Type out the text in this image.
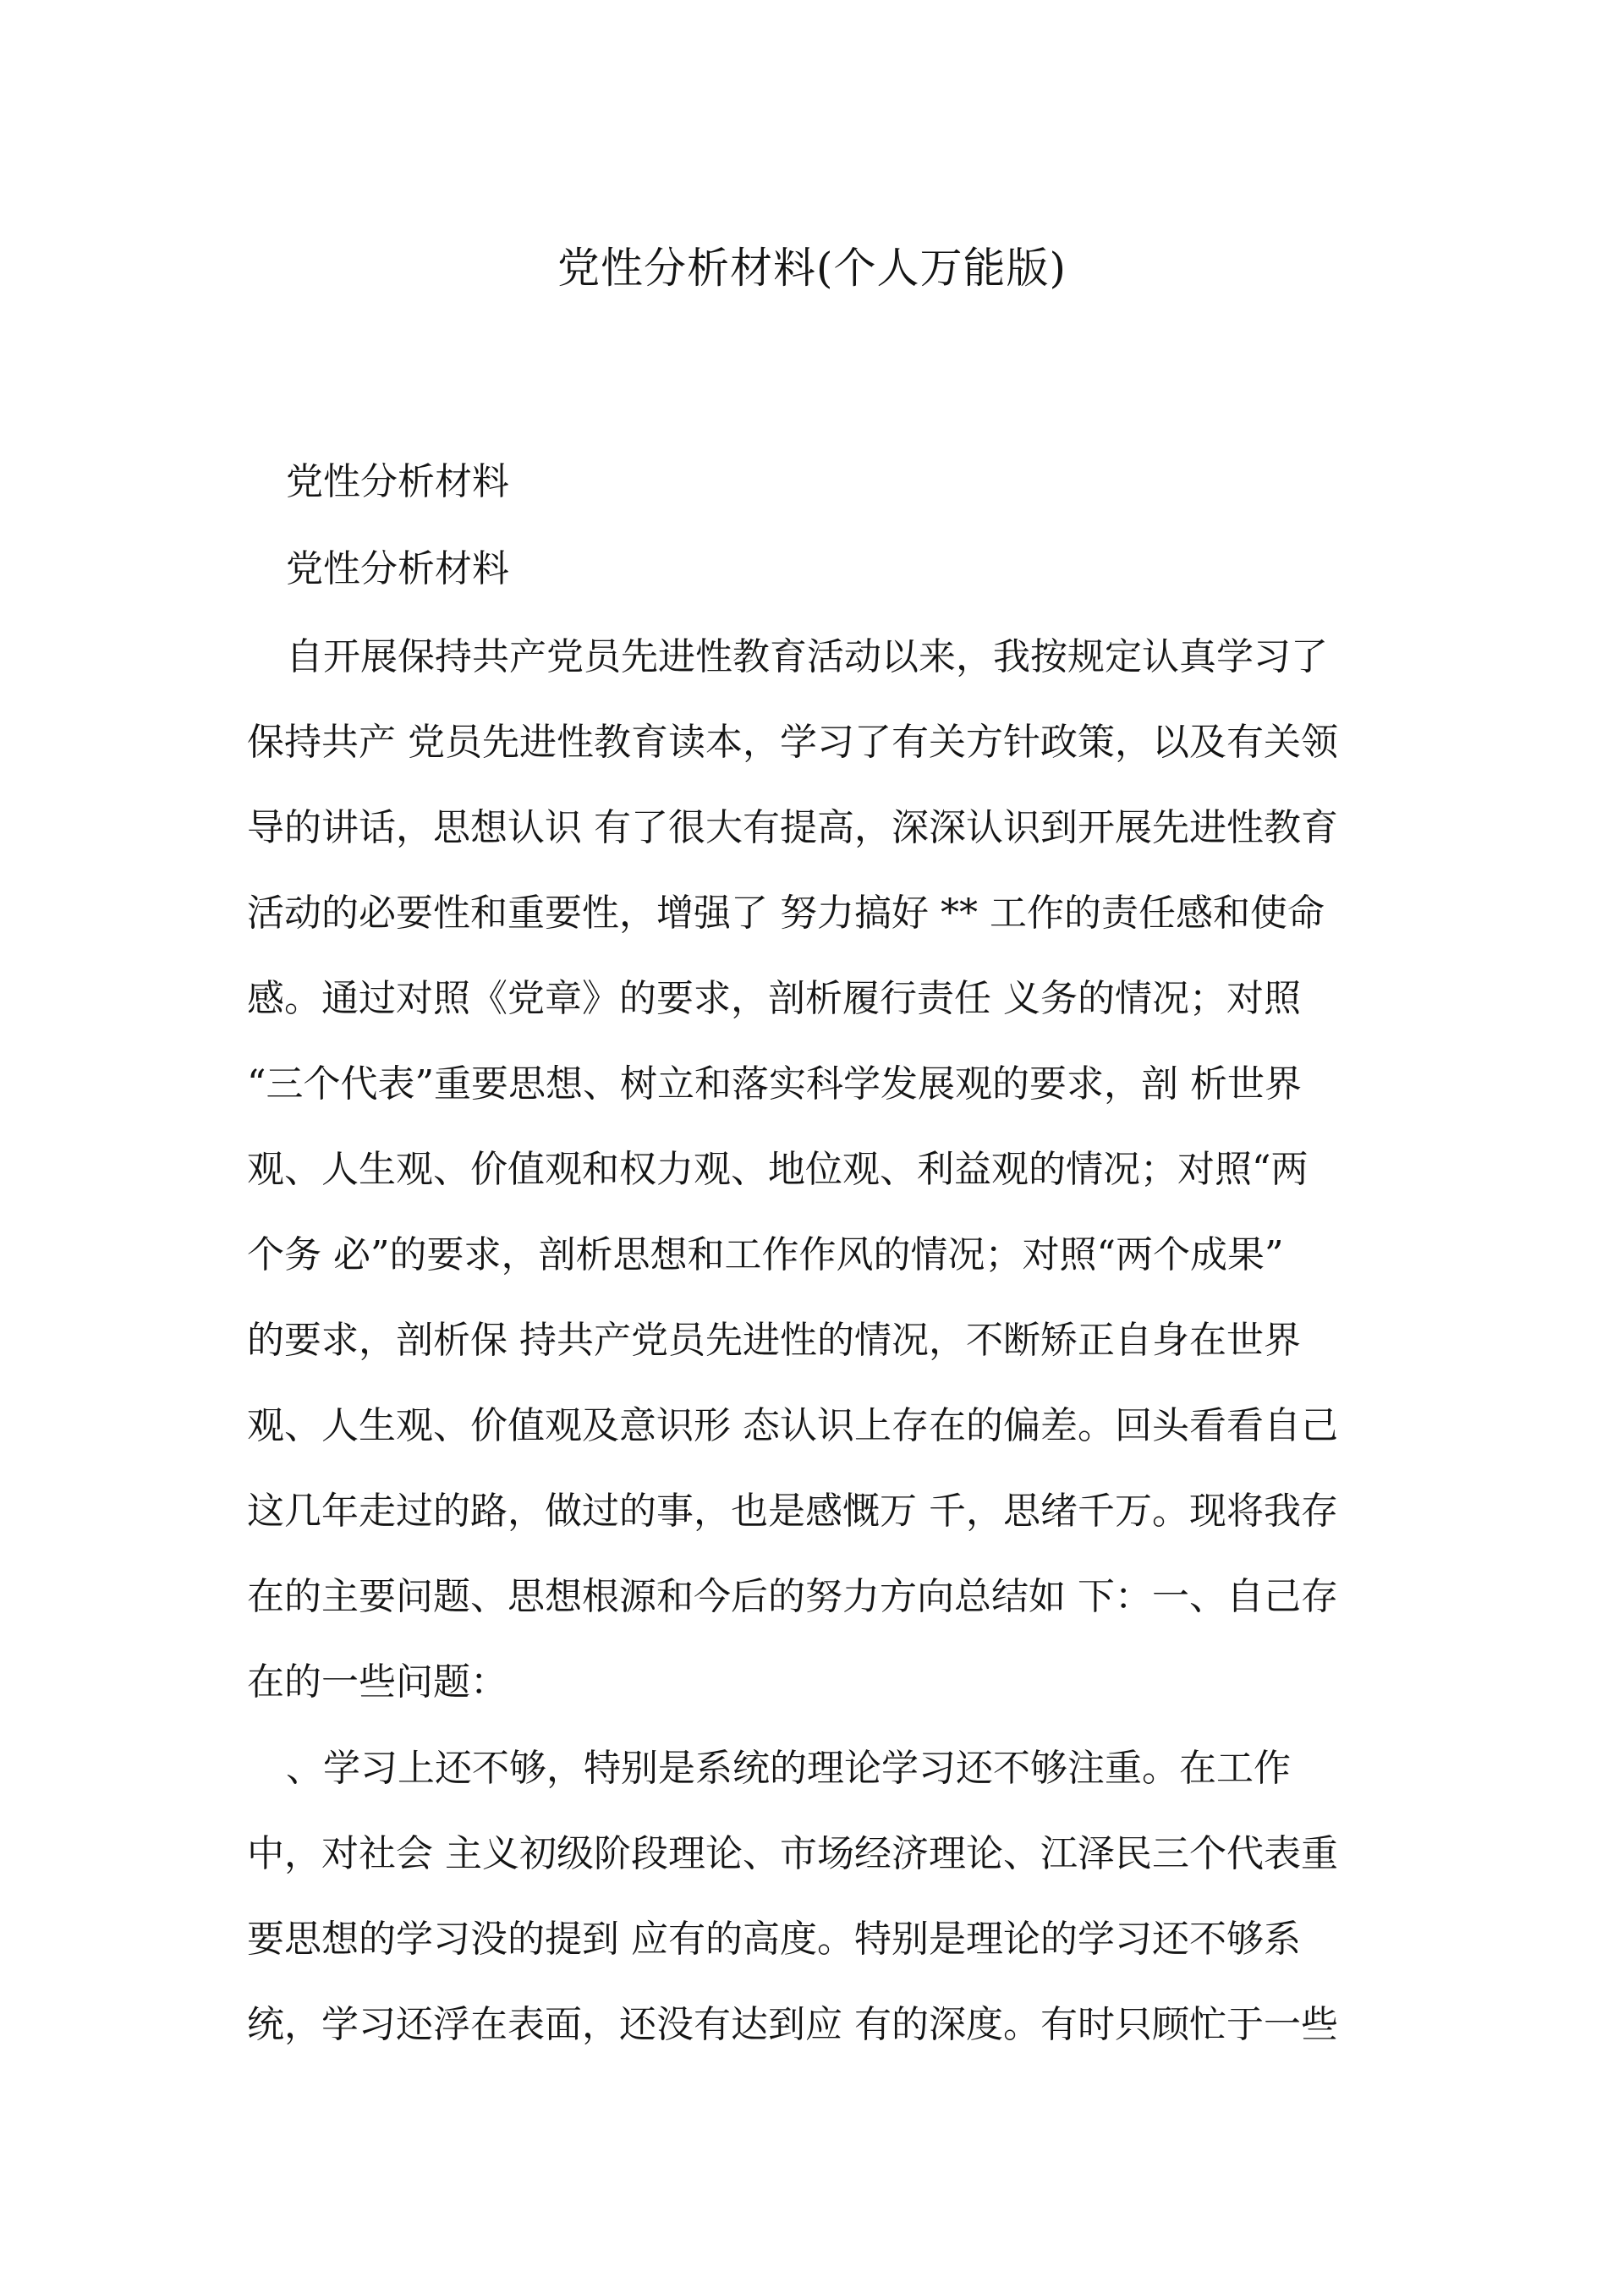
党性分析材料(个人万能版)
党性分析材料
党性分析材料
自开展保持共产党员先进性教育活动以来，我按规定认真学习了
保持共产 党员先进性教育读本，学习了有关方针政策，以及有关领
导的讲话，思想认识 有了很大有提高，深深认识到开展先进性教育
活动的必要性和重要性，增强了 努力搞好 ** 工作的责任感和使命
感。通过对照《党章》的要求，剖析履行责任 义务的情况；对照
“三个代表”重要思想、树立和落实科学发展观的要求，剖 析世界
观、人生观、价值观和权力观、地位观、利益观的情况；对照“两
个务 必”的要求，剖析思想和工作作风的情况；对照“两个成果”
的要求，剖析保 持共产党员先进性的情况，不断矫正自身在世界
观、人生观、价值观及意识形 态认识上存在的偏差。回头看看自己
这几年走过的路，做过的事，也是感慨万 千，思绪千万。现将我存
在的主要问题、思想根源和今后的努力方向总结如 下：一、自己存
在的一些问题：
、学习上还不够，特别是系统的理论学习还不够注重。在工作
中，对社会 主义初级阶段理论、市场经济理论、江泽民三个代表重
要思想的学习没的提到 应有的高度。特别是理论的学习还不够系
统，学习还浮在表面，还没有达到应 有的深度。有时只顾忙于一些
